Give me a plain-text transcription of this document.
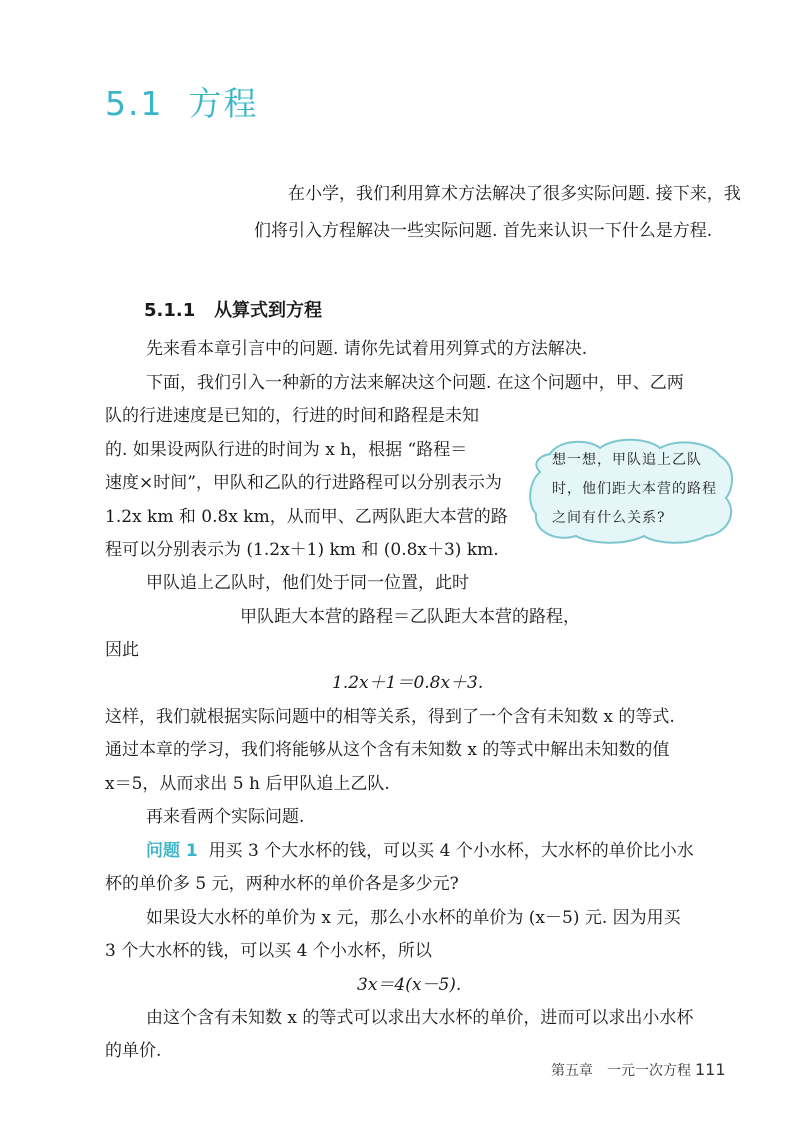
5.1 方程

在小学，我们利用算术方法解决了很多实际问题. 接下来，我们将引入方程解决一些实际问题. 首先来认识一下什么是方程.

5.1.1 从算式到方程

先来看本章引言中的问题. 请你先试着用列算式的方法解决.

下面，我们引入一种新的方法来解决这个问题. 在这个问题中，甲、乙两

队的行进速度是已知的，行进的时间和路程是未知

的. 如果设两队行进的时间为 x h，根据 “路程＝

速度×时间”，甲队和乙队的行进路程可以分别表示为

1.2x km 和 0.8x km，从而甲、乙两队距大本营的路

程可以分别表示为 (1.2x＋1) km 和 (0.8x＋3) km.

甲队追上乙队时，他们处于同一位置，此时

甲队距大本营的路程＝乙队距大本营的路程，

因此

1.2x＋1＝0.8x＋3.

这样，我们就根据实际问题中的相等关系，得到了一个含有未知数 x 的等式.

通过本章的学习，我们将能够从这个含有未知数 x 的等式中解出未知数的值

x＝5，从而求出 5 h 后甲队追上乙队.

再来看两个实际问题.

问题 1 用买 3 个大水杯的钱，可以买 4 个小水杯，大水杯的单价比小水

杯的单价多 5 元，两种水杯的单价各是多少元?

如果设大水杯的单价为 x 元，那么小水杯的单价为 (x－5) 元. 因为用买

3 个大水杯的钱，可以买 4 个小水杯，所以

3x＝4(x－5).

由这个含有未知数 x 的等式可以求出大水杯的单价，进而可以求出小水杯

的单价.

想一想，甲队追上乙队时，他们距大本营的路程之间有什么关系?

第五章　一元一次方程 111
